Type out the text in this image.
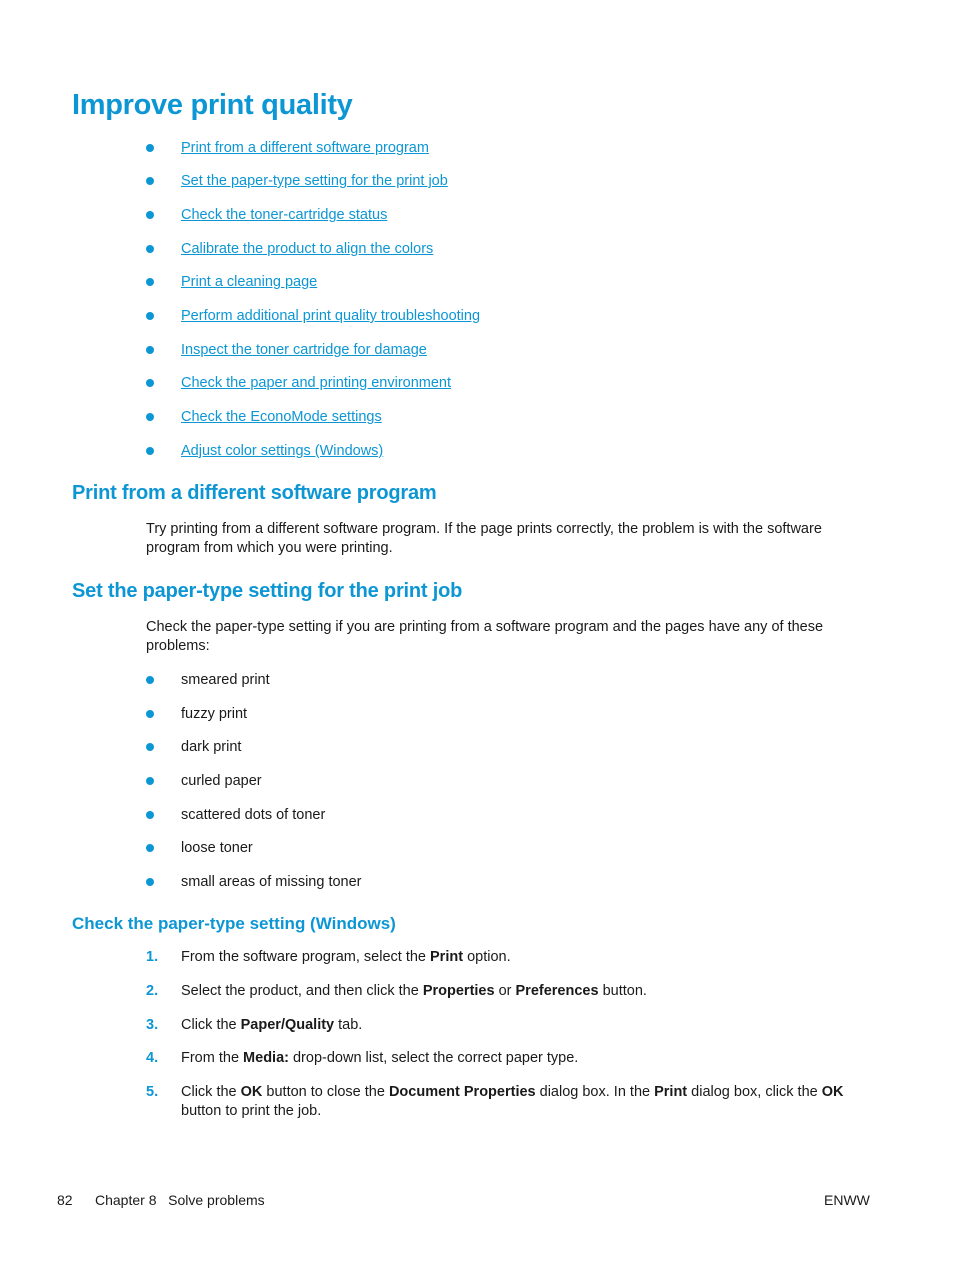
Improve print quality
Print from a different software program
Set the paper-type setting for the print job
Check the toner-cartridge status
Calibrate the product to align the colors
Print a cleaning page
Perform additional print quality troubleshooting
Inspect the toner cartridge for damage
Check the paper and printing environment
Check the EconoMode settings
Adjust color settings (Windows)
Print from a different software program
Try printing from a different software program. If the page prints correctly, the problem is with the software program from which you were printing.
Set the paper-type setting for the print job
Check the paper-type setting if you are printing from a software program and the pages have any of these problems:
smeared print
fuzzy print
dark print
curled paper
scattered dots of toner
loose toner
small areas of missing toner
Check the paper-type setting (Windows)
1. From the software program, select the Print option.
2. Select the product, and then click the Properties or Preferences button.
3. Click the Paper/Quality tab.
4. From the Media: drop-down list, select the correct paper type.
5. Click the OK button to close the Document Properties dialog box. In the Print dialog box, click the OK button to print the job.
82 Chapter 8   Solve problems	ENWW
